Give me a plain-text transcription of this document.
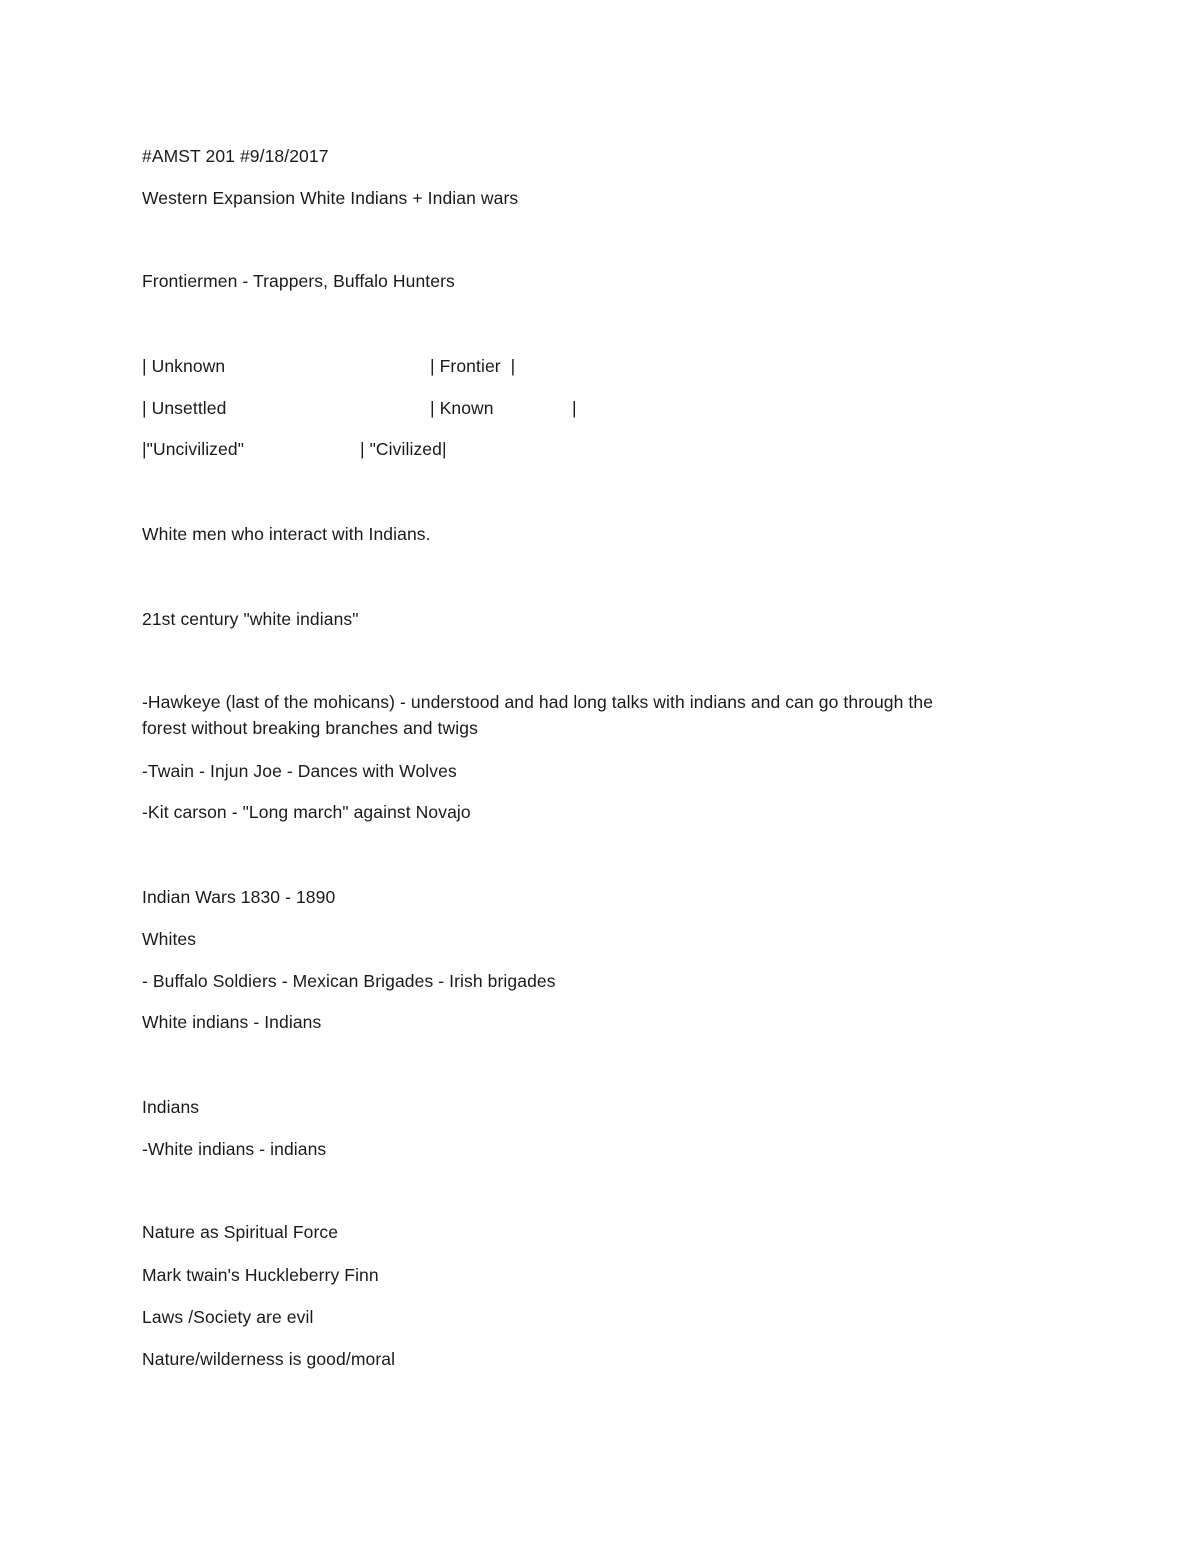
#AMST 201 #9/18/2017
Western Expansion White Indians + Indian wars
Frontiermen - Trappers, Buffalo Hunters
| Unknown	| Frontier  |
| Unsettled	| Known	|
|"Uncivilized"	| "Civilized|
White men who interact with Indians.
21st century "white indians"
-Hawkeye (last of the mohicans) - understood and had long talks with indians and can go through the
forest without breaking branches and twigs
-Twain - Injun Joe - Dances with Wolves
-Kit carson - "Long march" against Novajo
Indian Wars 1830 - 1890
Whites
- Buffalo Soldiers - Mexican Brigades - Irish brigades
White indians - Indians
Indians
-White indians - indians
Nature as Spiritual Force
Mark twain's Huckleberry Finn
Laws /Society are evil
Nature/wilderness is good/moral
